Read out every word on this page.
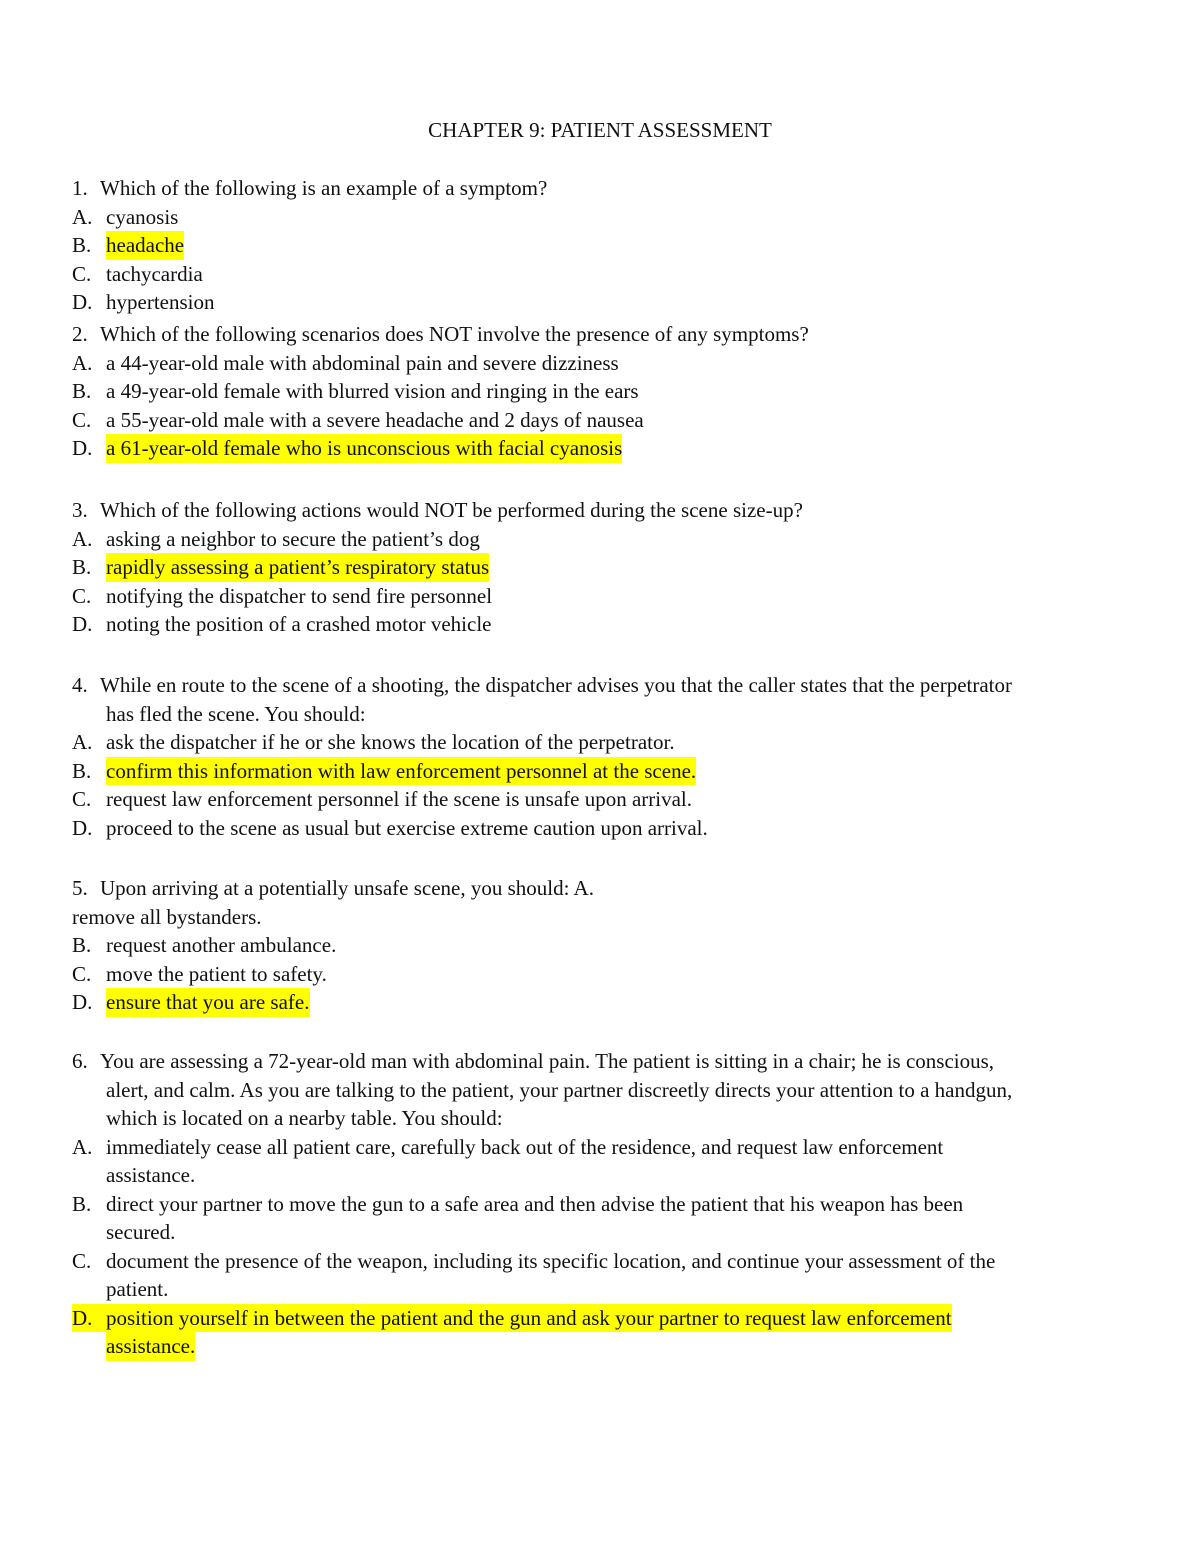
CHAPTER 9: PATIENT ASSESSMENT
1. Which of the following is an example of a symptom?
A. cyanosis
B. headache
C. tachycardia
D. hypertension
2. Which of the following scenarios does NOT involve the presence of any symptoms?
A. a 44-year-old male with abdominal pain and severe dizziness
B. a 49-year-old female with blurred vision and ringing in the ears
C. a 55-year-old male with a severe headache and 2 days of nausea
D. a 61-year-old female who is unconscious with facial cyanosis
3. Which of the following actions would NOT be performed during the scene size-up?
A. asking a neighbor to secure the patient’s dog
B. rapidly assessing a patient’s respiratory status
C. notifying the dispatcher to send fire personnel
D. noting the position of a crashed motor vehicle
4. While en route to the scene of a shooting, the dispatcher advises you that the caller states that the perpetrator
has fled the scene. You should:
A. ask the dispatcher if he or she knows the location of the perpetrator.
B. confirm this information with law enforcement personnel at the scene.
C. request law enforcement personnel if the scene is unsafe upon arrival.
D. proceed to the scene as usual but exercise extreme caution upon arrival.
5. Upon arriving at a potentially unsafe scene, you should: A.
remove all bystanders.
B. request another ambulance.
C. move the patient to safety.
D. ensure that you are safe.
6. You are assessing a 72-year-old man with abdominal pain. The patient is sitting in a chair; he is conscious,
alert, and calm. As you are talking to the patient, your partner discreetly directs your attention to a handgun,
which is located on a nearby table. You should:
A. immediately cease all patient care, carefully back out of the residence, and request law enforcement
assistance.
B. direct your partner to move the gun to a safe area and then advise the patient that his weapon has been
secured.
C. document the presence of the weapon, including its specific location, and continue your assessment of the
patient.
D. position yourself in between the patient and the gun and ask your partner to request law enforcement
assistance.
